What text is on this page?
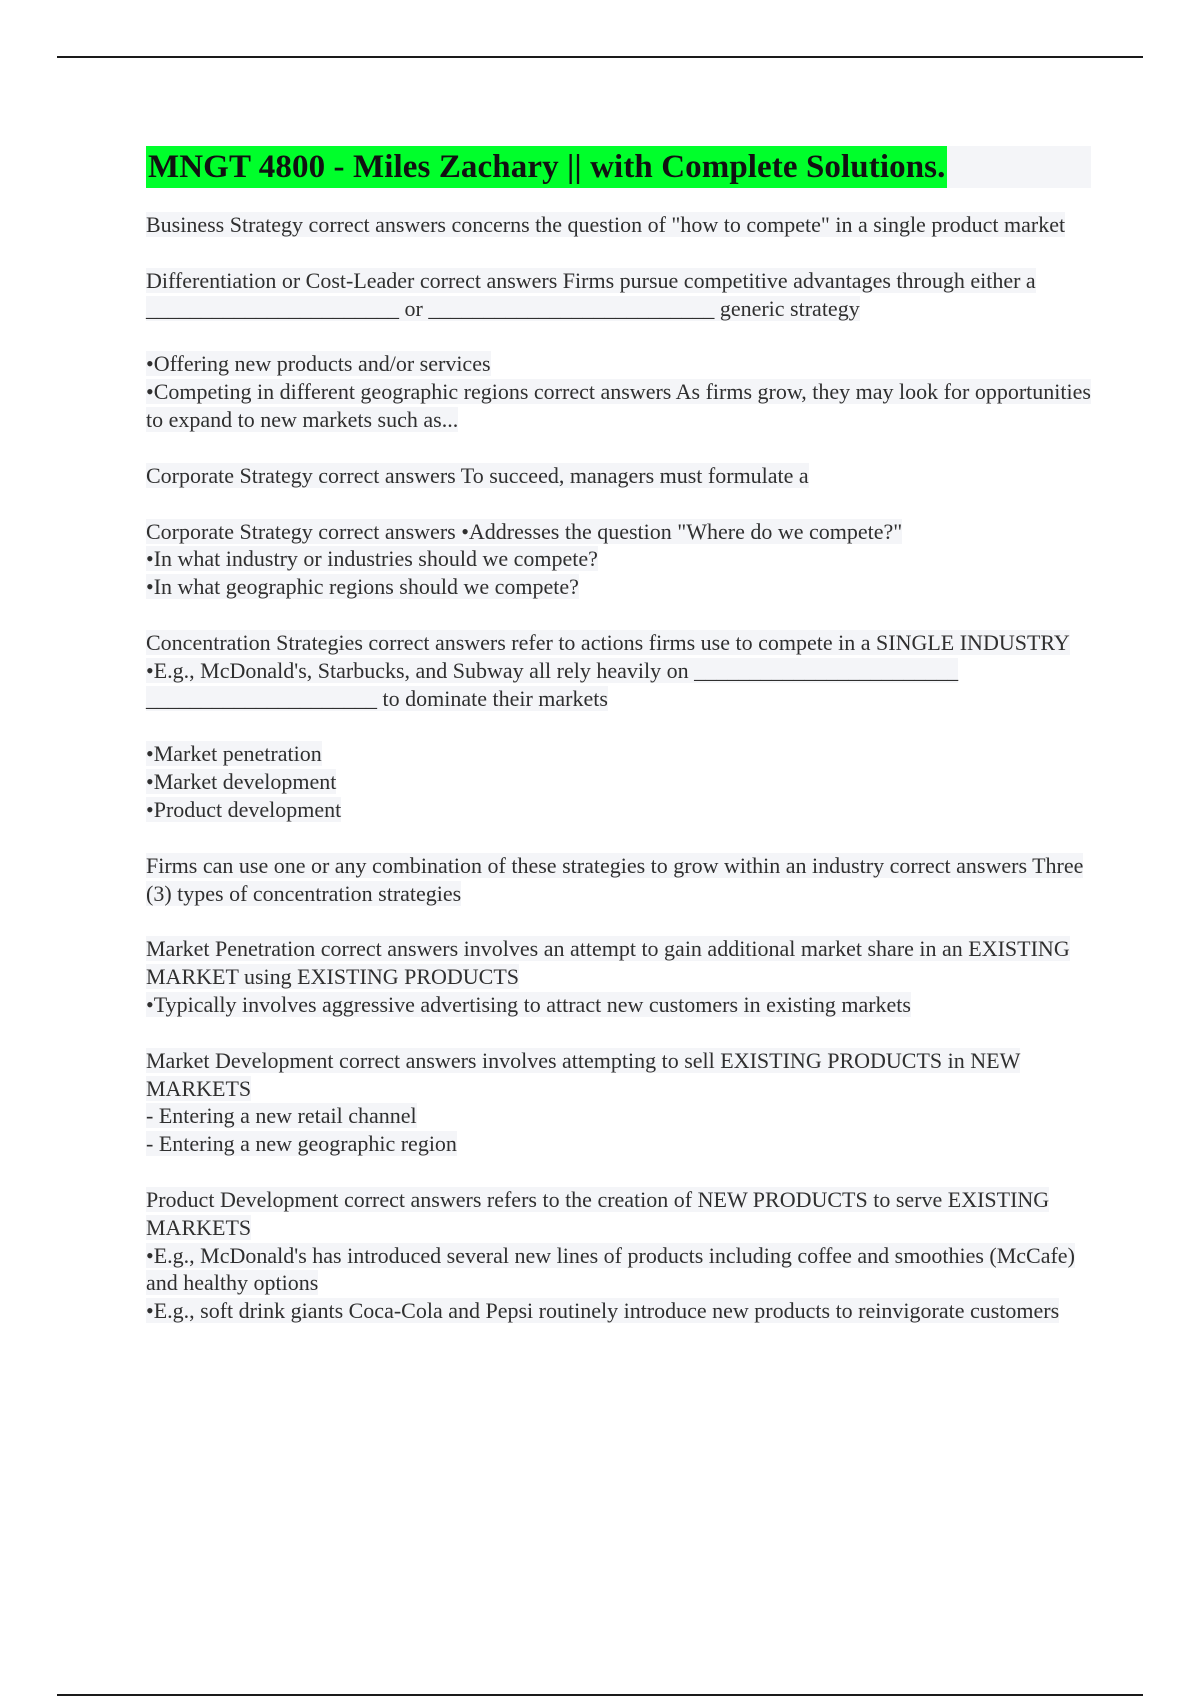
MNGT 4800 - Miles Zachary || with Complete Solutions.
Business Strategy correct answers concerns the question of "how to compete" in a single product market
Differentiation or Cost-Leader correct answers Firms pursue competitive advantages through either a _______________________ or __________________________ generic strategy
•Offering new products and/or services
•Competing in different geographic regions correct answers As firms grow, they may look for opportunities to expand to new markets such as...
Corporate Strategy correct answers To succeed, managers must formulate a
Corporate Strategy correct answers •Addresses the question "Where do we compete?"
•In what industry or industries should we compete?
•In what geographic regions should we compete?
Concentration Strategies correct answers refer to actions firms use to compete in a SINGLE INDUSTRY
•E.g., McDonald's, Starbucks, and Subway all rely heavily on ________________________
_____________________ to dominate their markets
•Market penetration
•Market development
•Product development
Firms can use one or any combination of these strategies to grow within an industry correct answers Three (3) types of concentration strategies
Market Penetration correct answers involves an attempt to gain additional market share in an EXISTING MARKET using EXISTING PRODUCTS
•Typically involves aggressive advertising to attract new customers in existing markets
Market Development correct answers involves attempting to sell EXISTING PRODUCTS in NEW MARKETS
- Entering a new retail channel
- Entering a new geographic region
Product Development correct answers refers to the creation of NEW PRODUCTS to serve EXISTING MARKETS
•E.g., McDonald's has introduced several new lines of products including coffee and smoothies (McCafe) and healthy options
•E.g., soft drink giants Coca-Cola and Pepsi routinely introduce new products to reinvigorate customers
